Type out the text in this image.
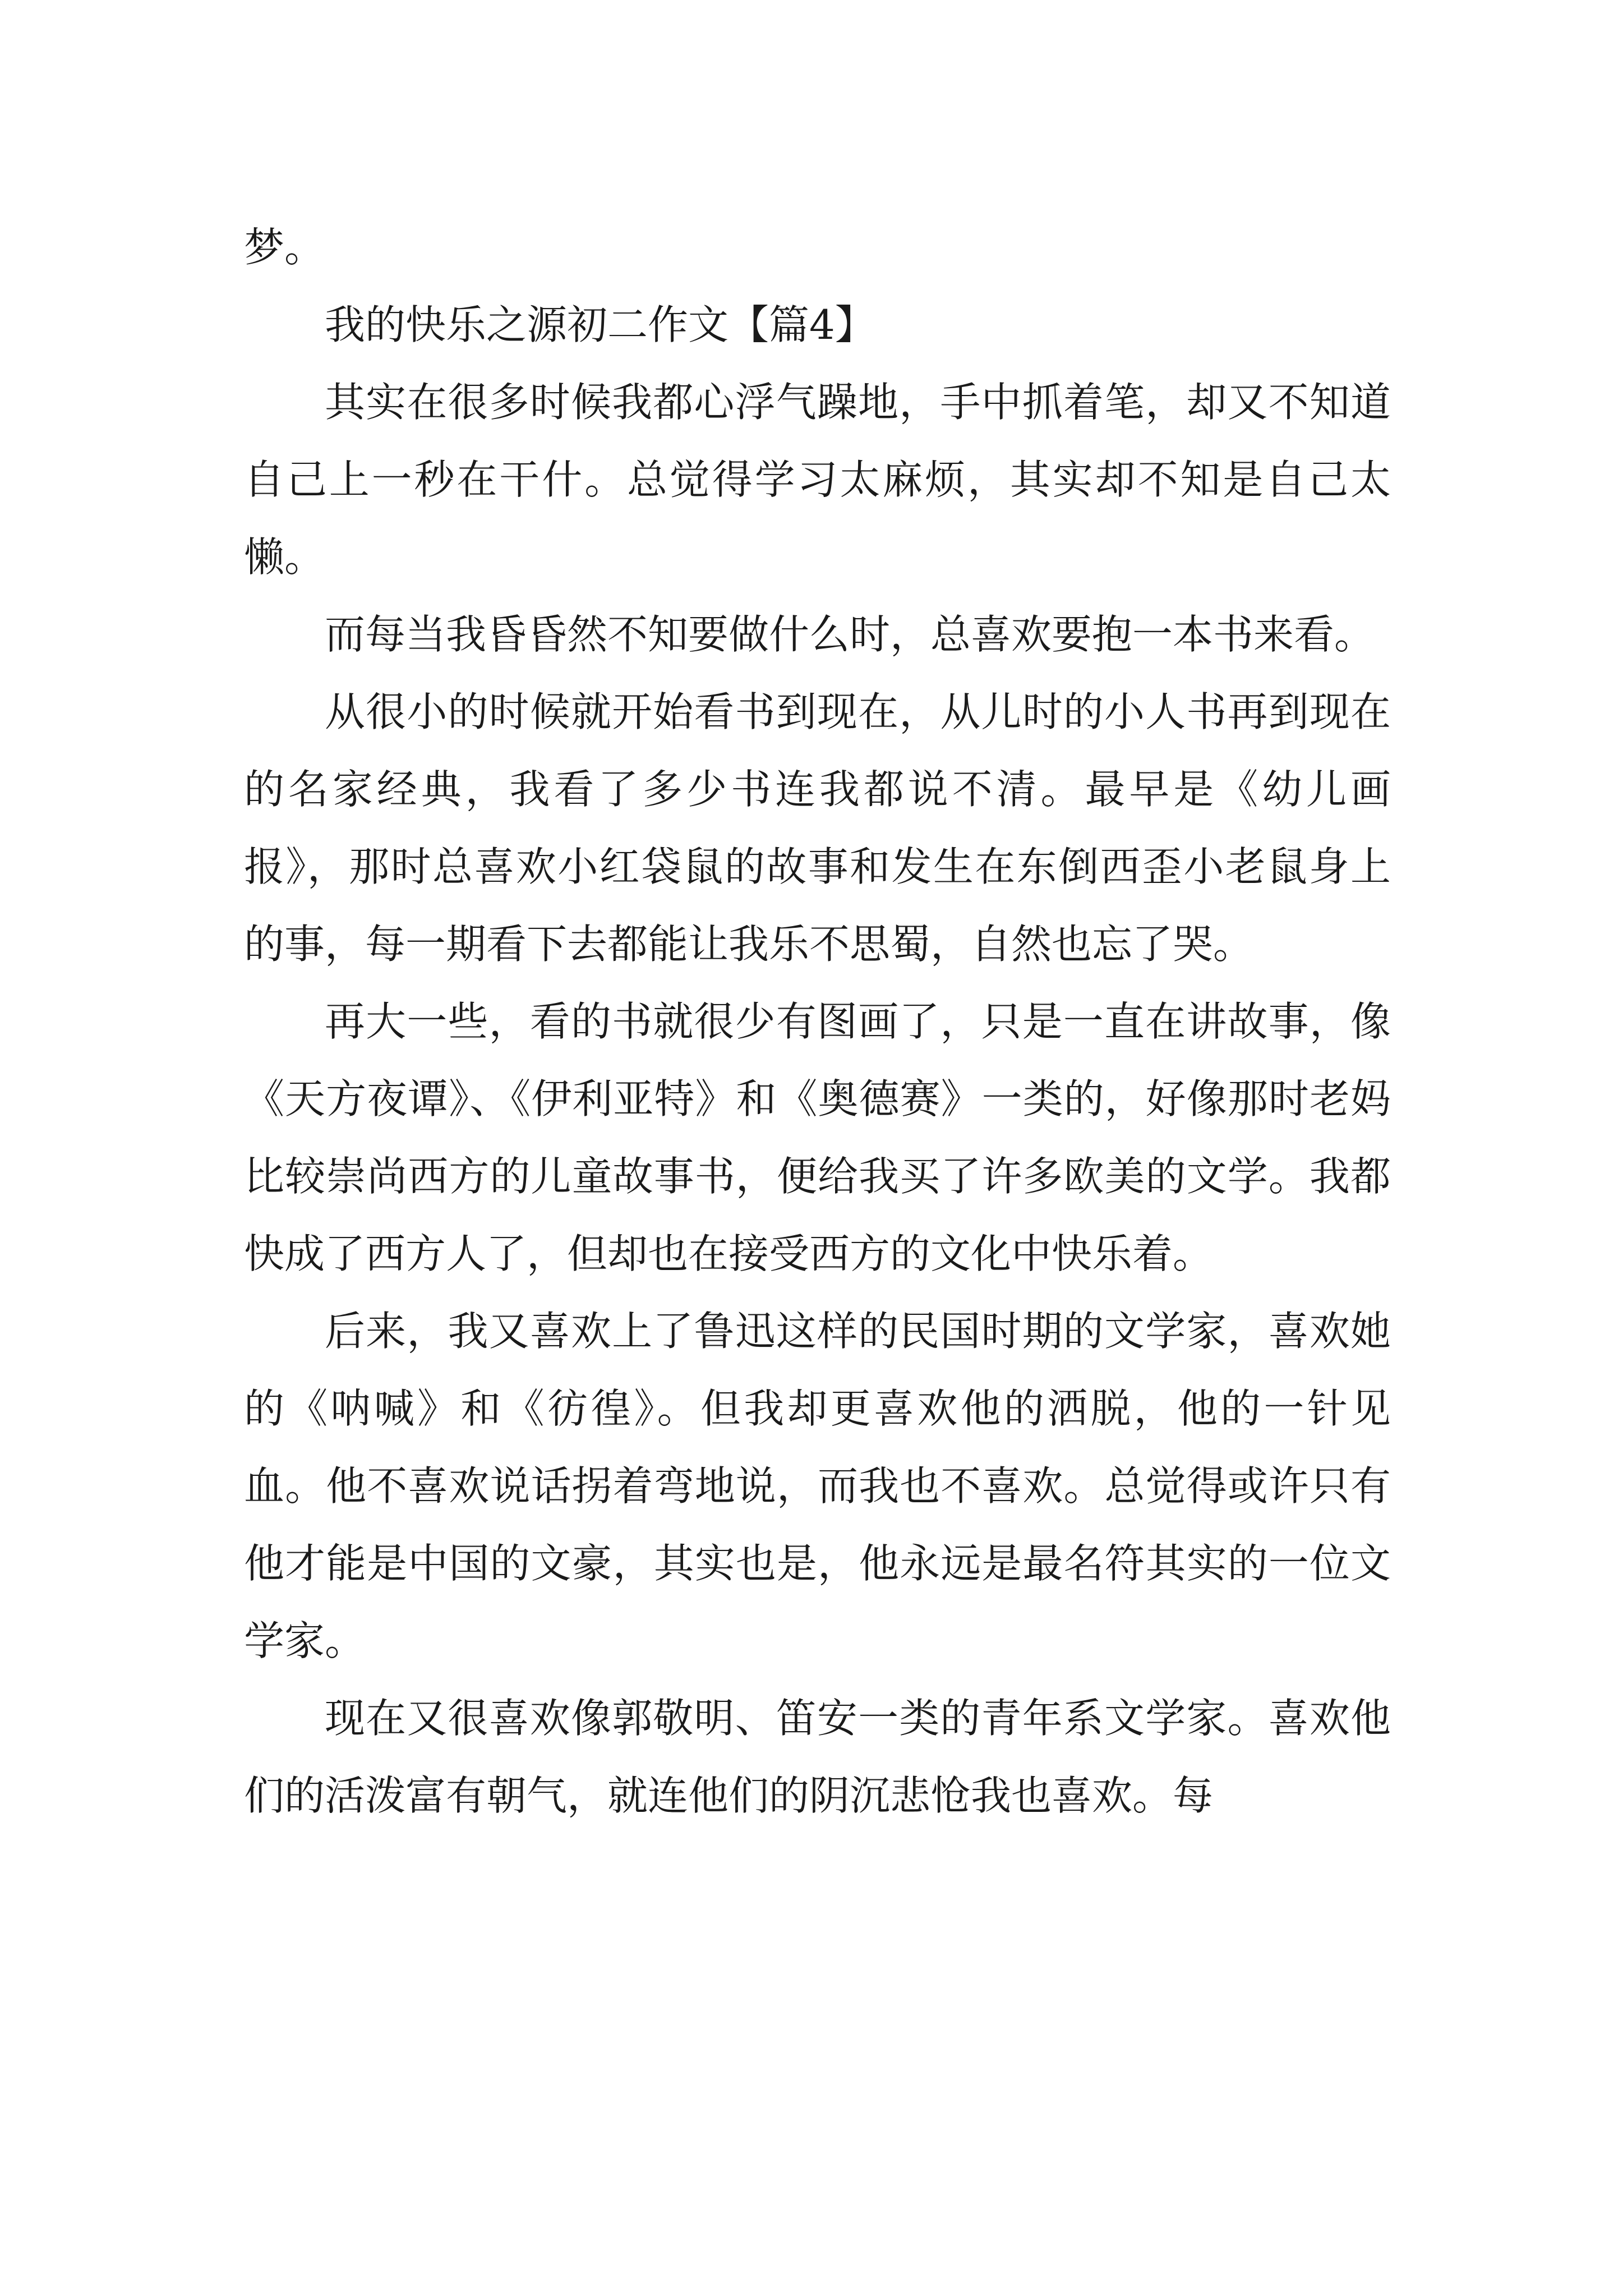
梦。

我的快乐之源初二作文【篇4】

其实在很多时候我都心浮气躁地，手中抓着笔，却又不知道自己上一秒在干什。总觉得学习太麻烦，其实却不知是自己太懒。

而每当我昏昏然不知要做什么时，总喜欢要抱一本书来看。

从很小的时候就开始看书到现在，从儿时的小人书再到现在的名家经典，我看了多少书连我都说不清。最早是《幼儿画报》，那时总喜欢小红袋鼠的故事和发生在东倒西歪小老鼠身上的事，每一期看下去都能让我乐不思蜀，自然也忘了哭。

再大一些，看的书就很少有图画了，只是一直在讲故事，像《天方夜谭》、《伊利亚特》和《奥德赛》一类的，好像那时老妈比较崇尚西方的儿童故事书，便给我买了许多欧美的文学。我都快成了西方人了，但却也在接受西方的文化中快乐着。

后来，我又喜欢上了鲁迅这样的民国时期的文学家，喜欢她的《呐喊》和《彷徨》。但我却更喜欢他的洒脱，他的一针见血。他不喜欢说话拐着弯地说，而我也不喜欢。总觉得或许只有他才能是中国的文豪，其实也是，他永远是最名符其实的一位文学家。

现在又很喜欢像郭敬明、笛安一类的青年系文学家。喜欢他们的活泼富有朝气，就连他们的阴沉悲怆我也喜欢。每
